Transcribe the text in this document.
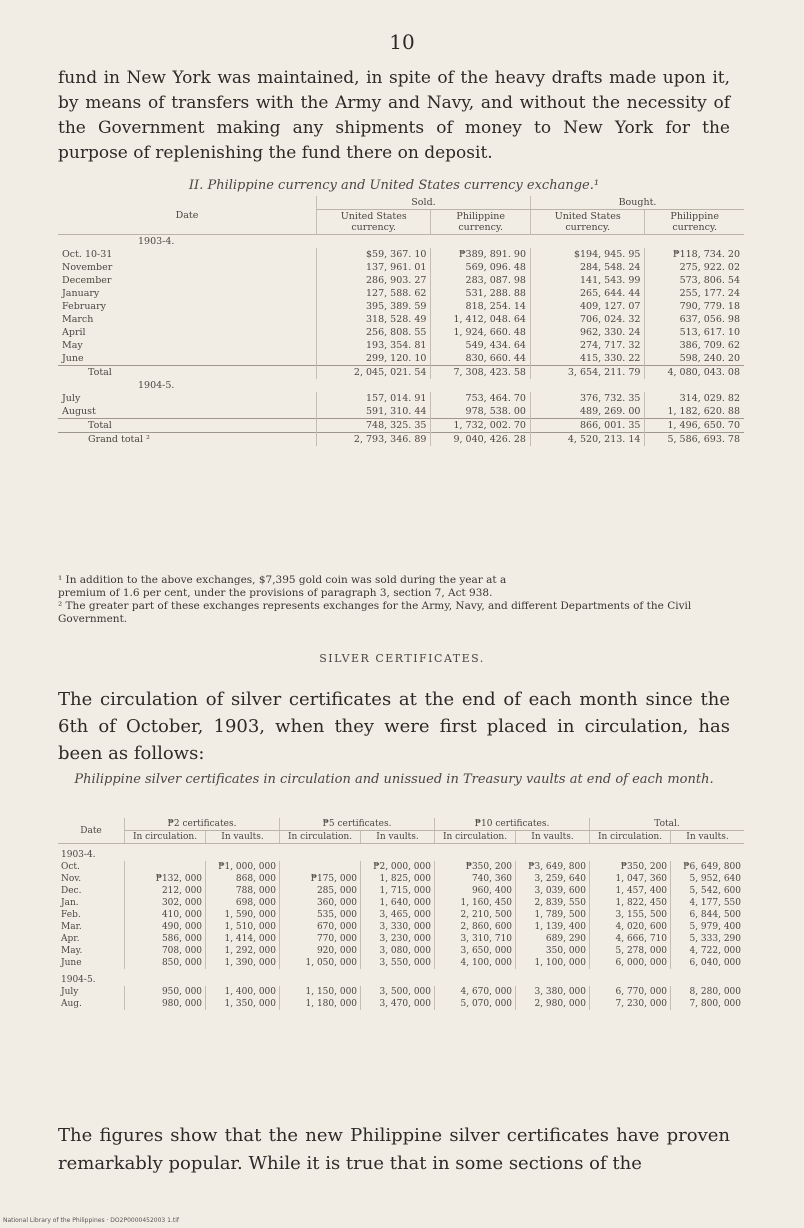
10
fund in New York was maintained, in spite of the heavy drafts made upon it, by means of transfers with the Army and Navy, and without the necessity of the Government making any shipments of money to New York for the purpose of replenishing the fund there on deposit.
II. Philippine currency and United States currency exchange.¹
Date	Sold.		Bought.	
	United States currency.	Philippine currency.	United States currency.	Philippine currency.
1903-4.				
Oct. 10-31	$59, 367. 10	₱389, 891. 90	$194, 945. 95	₱118, 734. 20
November	137, 961. 01	569, 096. 48	284, 548. 24	275, 922. 02
December	286, 903. 27	283, 087. 98	141, 543. 99	573, 806. 54
January	127, 588. 62	531, 288. 88	265, 644. 44	255, 177. 24
February	395, 389. 59	818, 254. 14	409, 127. 07	790, 779. 18
March	318, 528. 49	1, 412, 048. 64	706, 024. 32	637, 056. 98
April	256, 808. 55	1, 924, 660. 48	962, 330. 24	513, 617. 10
May	193, 354. 81	549, 434. 64	274, 717. 32	386, 709. 62
June	299, 120. 10	830, 660. 44	415, 330. 22	598, 240. 20
Total	2, 045, 021. 54	7, 308, 423. 58	3, 654, 211. 79	4, 080, 043. 08
1904-5.				
July	157, 014. 91	753, 464. 70	376, 732. 35	314, 029. 82
August	591, 310. 44	978, 538. 00	489, 269. 00	1, 182, 620. 88
Total	748, 325. 35	1, 732, 002. 70	866, 001. 35	1, 496, 650. 70
Grand total ²	2, 793, 346. 89	9, 040, 426. 28	4, 520, 213. 14	5, 586, 693. 78
¹ In addition to the above exchanges, $7,395 gold coin was sold during the year at a
premium of 1.6 per cent, under the provisions of paragraph 3, section 7, Act 938.
² The greater part of these exchanges represents exchanges for the Army, Navy, and different Departments of the Civil Government.
SILVER CERTIFICATES.
The circulation of silver certificates at the end of each month since the 6th of October, 1903, when they were first placed in circulation, has been as follows:
Philippine silver certificates in circulation and unissued in Treasury vaults at end of each month.
Date	₱2 certificates.		₱5 certificates.		₱10 certificates.		Total.	
	In circulation.	In vaults.	In circulation.	In vaults.	In circulation.	In vaults.	In circulation.	In vaults.
1903-4.								
Oct.		₱1, 000, 000		₱2, 000, 000	₱350, 200	₱3, 649, 800	₱350, 200	₱6, 649, 800
Nov.	₱132, 000	868, 000	₱175, 000	1, 825, 000	740, 360	3, 259, 640	1, 047, 360	5, 952, 640
Dec.	212, 000	788, 000	285, 000	1, 715, 000	960, 400	3, 039, 600	1, 457, 400	5, 542, 600
Jan.	302, 000	698, 000	360, 000	1, 640, 000	1, 160, 450	2, 839, 550	1, 822, 450	4, 177, 550
Feb.	410, 000	1, 590, 000	535, 000	3, 465, 000	2, 210, 500	1, 789, 500	3, 155, 500	6, 844, 500
Mar.	490, 000	1, 510, 000	670, 000	3, 330, 000	2, 860, 600	1, 139, 400	4, 020, 600	5, 979, 400
Apr.	586, 000	1, 414, 000	770, 000	3, 230, 000	3, 310, 710	689, 290	4, 666, 710	5, 333, 290
May.	708, 000	1, 292, 000	920, 000	3, 080, 000	3, 650, 000	350, 000	5, 278, 000	4, 722, 000
June	850, 000	1, 390, 000	1, 050, 000	3, 550, 000	4, 100, 000	1, 100, 000	6, 000, 000	6, 040, 000
1904-5.								
July	950, 000	1, 400, 000	1, 150, 000	3, 500, 000	4, 670, 000	3, 380, 000	6, 770, 000	8, 280, 000
Aug.	980, 000	1, 350, 000	1, 180, 000	3, 470, 000	5, 070, 000	2, 980, 000	7, 230, 000	7, 800, 000
The figures show that the new Philippine silver certificates have proven remarkably popular. While it is true that in some sections of the
National Library of the Philippines · DO2P0000452003 1.tif
